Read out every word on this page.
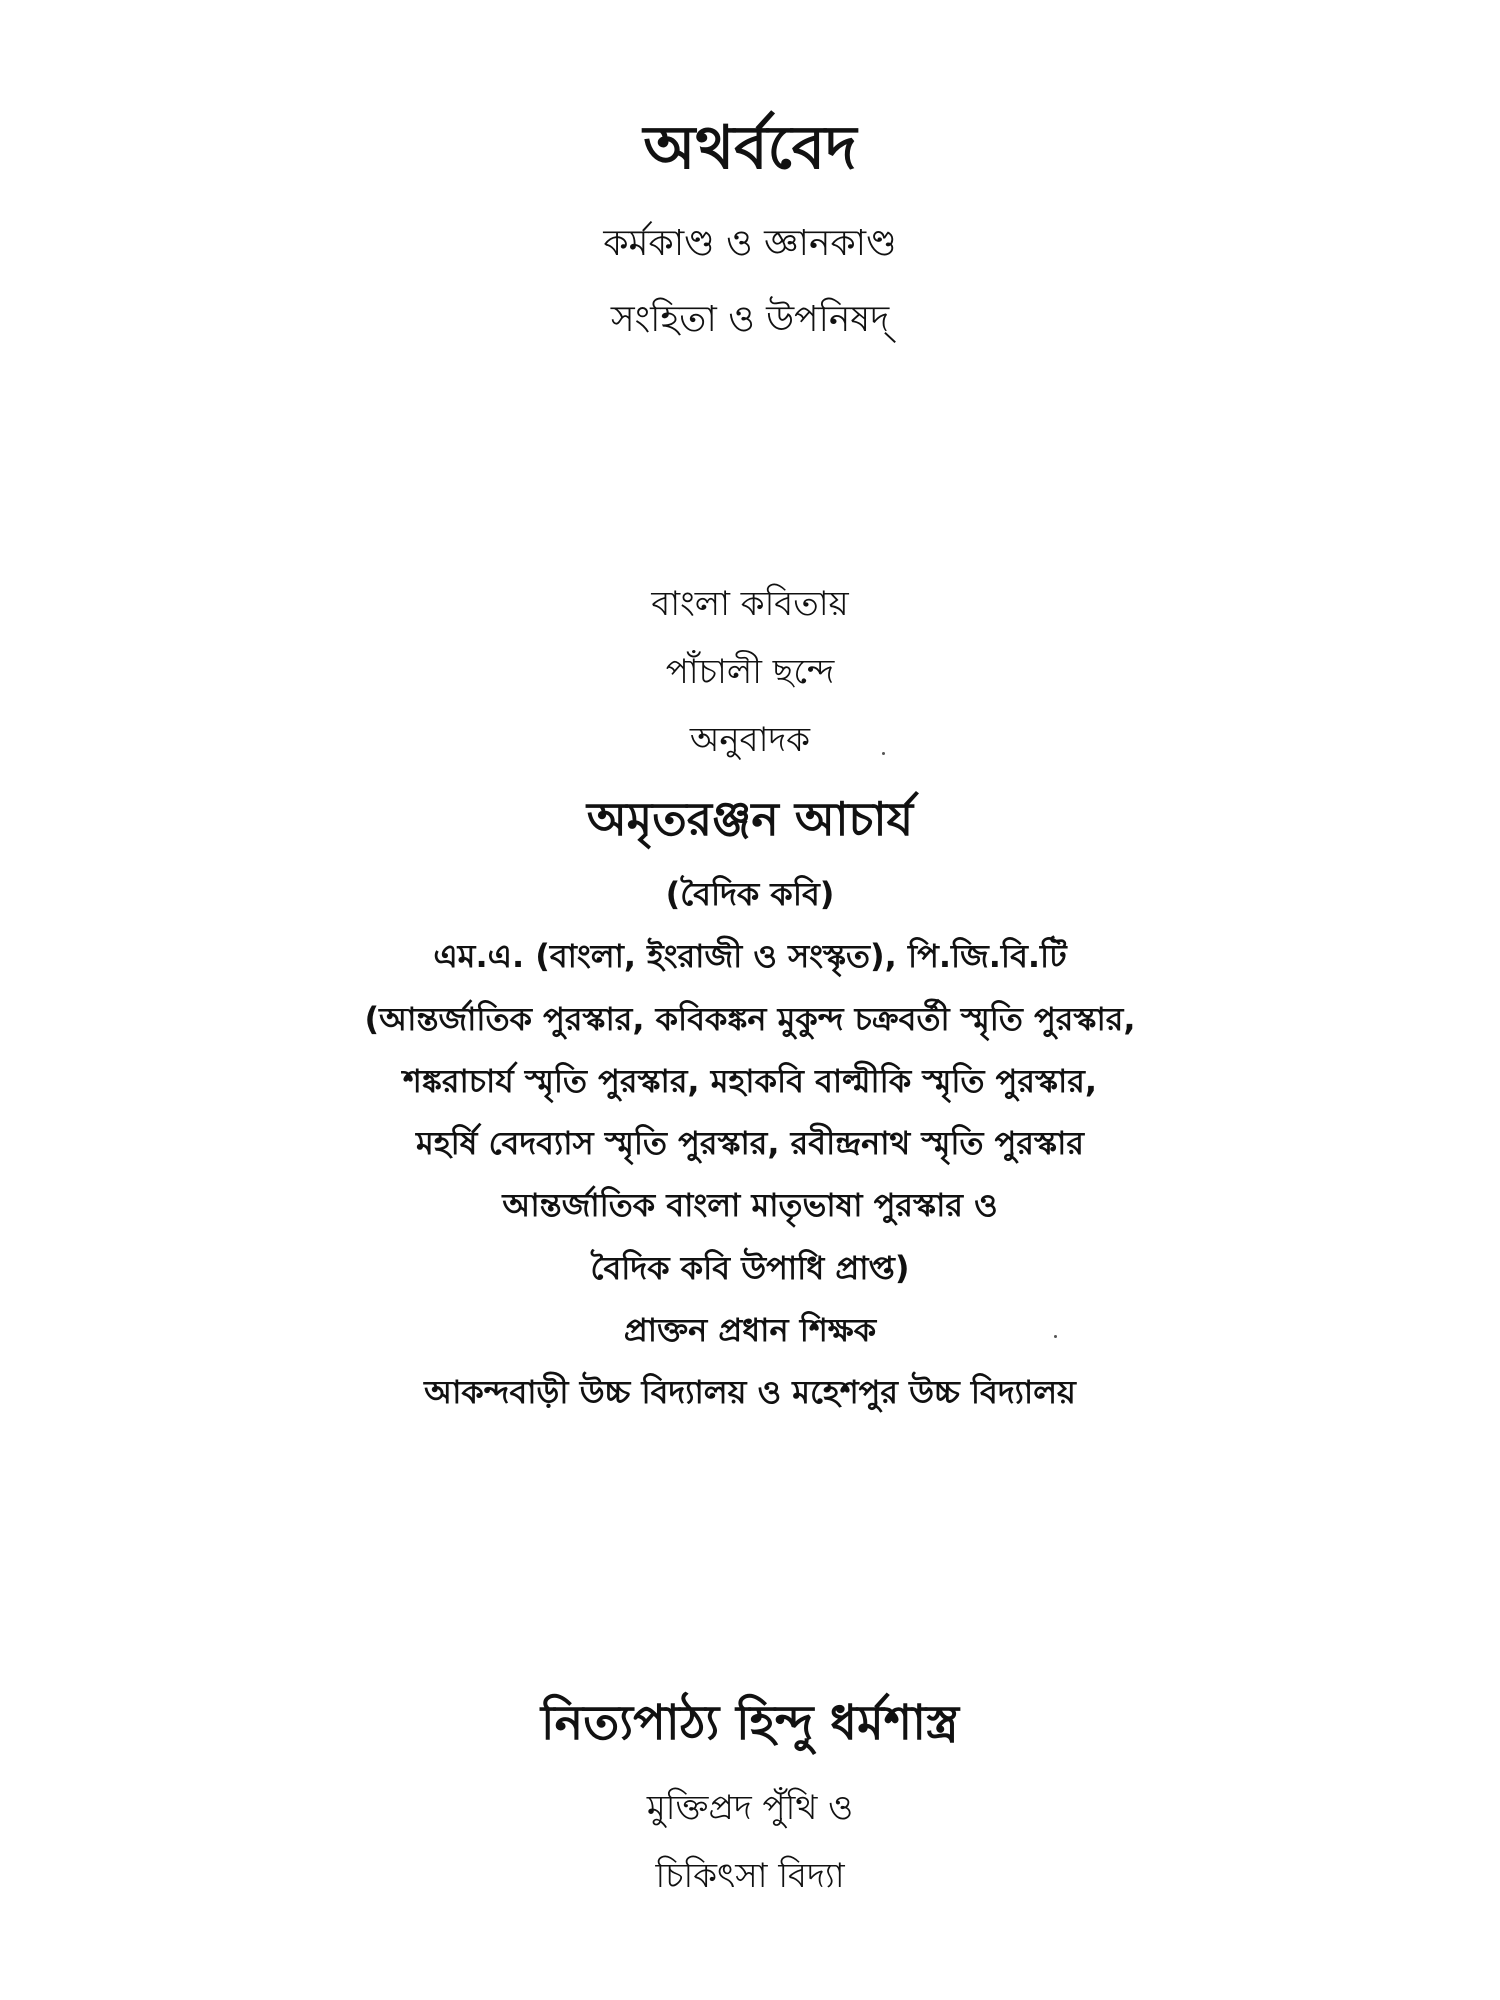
অথর্ববেদ
কর্মকাণ্ড ও জ্ঞানকাণ্ড
সংহিতা ও উপনিষদ্
বাংলা কবিতায়
পাঁচালী ছন্দে
অনুবাদক
অমৃতরঞ্জন আচার্য
(বৈদিক কবি)
এম.এ. (বাংলা, ইংরাজী ও সংস্কৃত), পি.জি.বি.টি
(আন্তর্জাতিক পুরস্কার, কবিকঙ্কন মুকুন্দ চক্রবর্তী স্মৃতি পুরস্কার,
শঙ্করাচার্য স্মৃতি পুরস্কার, মহাকবি বাল্মীকি স্মৃতি পুরস্কার,
মহর্ষি বেদব্যাস স্মৃতি পুরস্কার, রবীন্দ্রনাথ স্মৃতি পুরস্কার
আন্তর্জাতিক বাংলা মাতৃভাষা পুরস্কার ও
বৈদিক কবি উপাধি প্রাপ্ত)
প্রাক্তন প্রধান শিক্ষক
আকন্দবাড়ী উচ্চ বিদ্যালয় ও মহেশপুর উচ্চ বিদ্যালয়
নিত্যপাঠ্য হিন্দু ধর্মশাস্ত্র
মুক্তিপ্রদ পুঁথি ও
চিকিৎসা বিদ্যা
